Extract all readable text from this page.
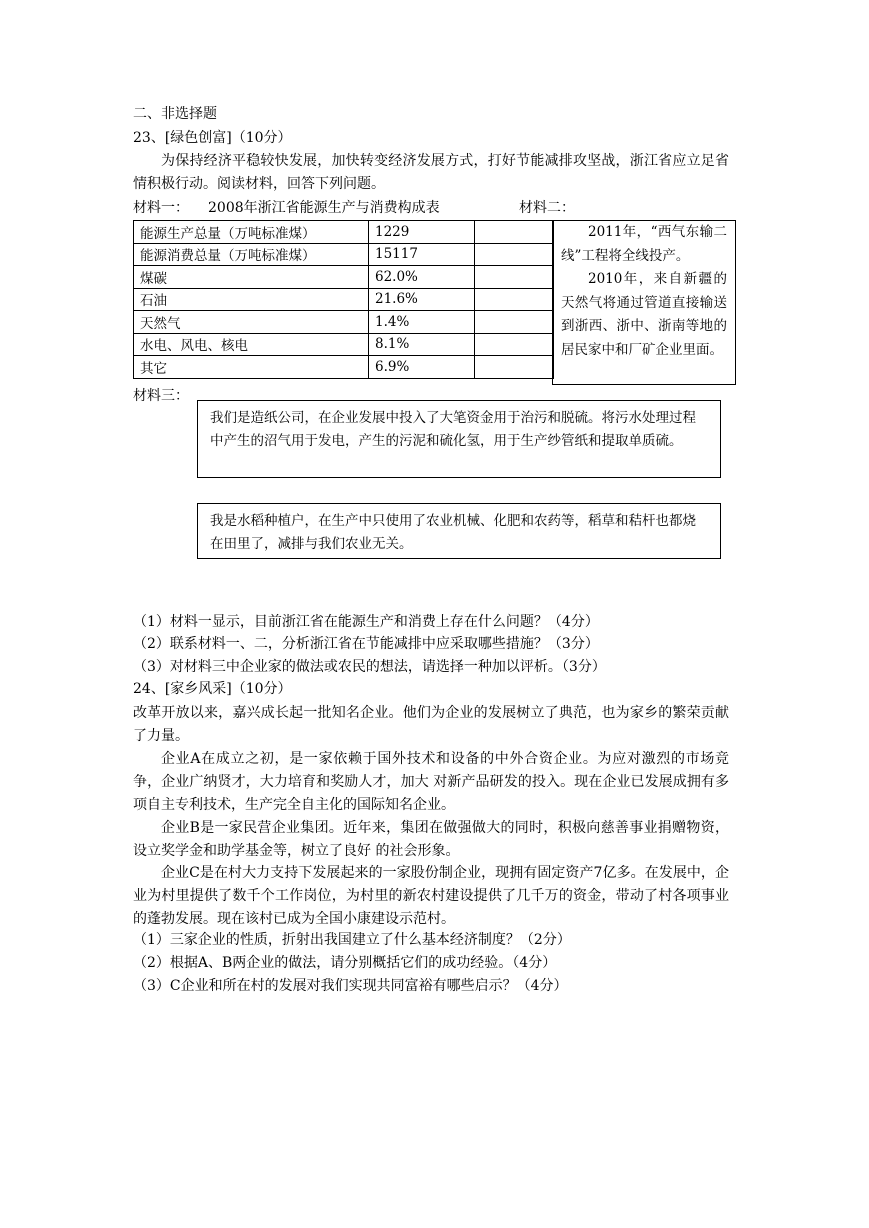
二、非选择题
23、[绿色创富]（10分）
为保持经济平稳较快发展，加快转变经济发展方式，打好节能减排攻坚战，浙江省应立足省情积极行动。阅读材料，回答下列问题。
材料一： 2008年浙江省能源生产与消费构成表	材料二：
能源生产总量（万吨标准煤）	1229	
能源消费总量（万吨标准煤）	15117	
煤碳	62.0%	
石油	21.6%	
天然气	1.4%	
水电、风电、核电	8.1%	
其它	6.9%	

2011年，“西气东输二线”工程将全线投产。

2010年，来自新疆的天然气将通过管道直接输送到浙西、浙中、浙南等地的居民家中和厂矿企业里面。

材料三：
我们是造纸公司，在企业发展中投入了大笔资金用于治污和脱硫。将污水处理过程中产生的沼气用于发电，产生的污泥和硫化氢，用于生产纱管纸和提取单质硫。
我是水稻种植户，在生产中只使用了农业机械、化肥和农药等，稻草和秸杆也都烧在田里了，减排与我们农业无关。
（1）材料一显示，目前浙江省在能源生产和消费上存在什么问题？（4分）
（2）联系材料一、二，分析浙江省在节能减排中应采取哪些措施？（3分）
（3）对材料三中企业家的做法或农民的想法，请选择一种加以评析。（3分）
24、[家乡风采]（10分）
改革开放以来，嘉兴成长起一批知名企业。他们为企业的发展树立了典范，也为家乡的繁荣贡献了力量。
企业A在成立之初，是一家依赖于国外技术和设备的中外合资企业。为应对激烈的市场竞争，企业广纳贤才，大力培育和奖励人才，加大 对新产品研发的投入。现在企业已发展成拥有多项自主专利技术，生产完全自主化的国际知名企业。
企业B是一家民营企业集团。近年来，集团在做强做大的同时，积极向慈善事业捐赠物资，设立奖学金和助学基金等，树立了良好 的社会形象。
企业C是在村大力支持下发展起来的一家股份制企业，现拥有固定资产7亿多。在发展中，企业为村里提供了数千个工作岗位，为村里的新农村建设提供了几千万的资金，带动了村各项事业的蓬勃发展。现在该村已成为全国小康建设示范村。
（1）三家企业的性质，折射出我国建立了什么基本经济制度？（2分）
（2）根据A、B两企业的做法，请分别概括它们的成功经验。（4分）
（3）C企业和所在村的发展对我们实现共同富裕有哪些启示？（4分）
